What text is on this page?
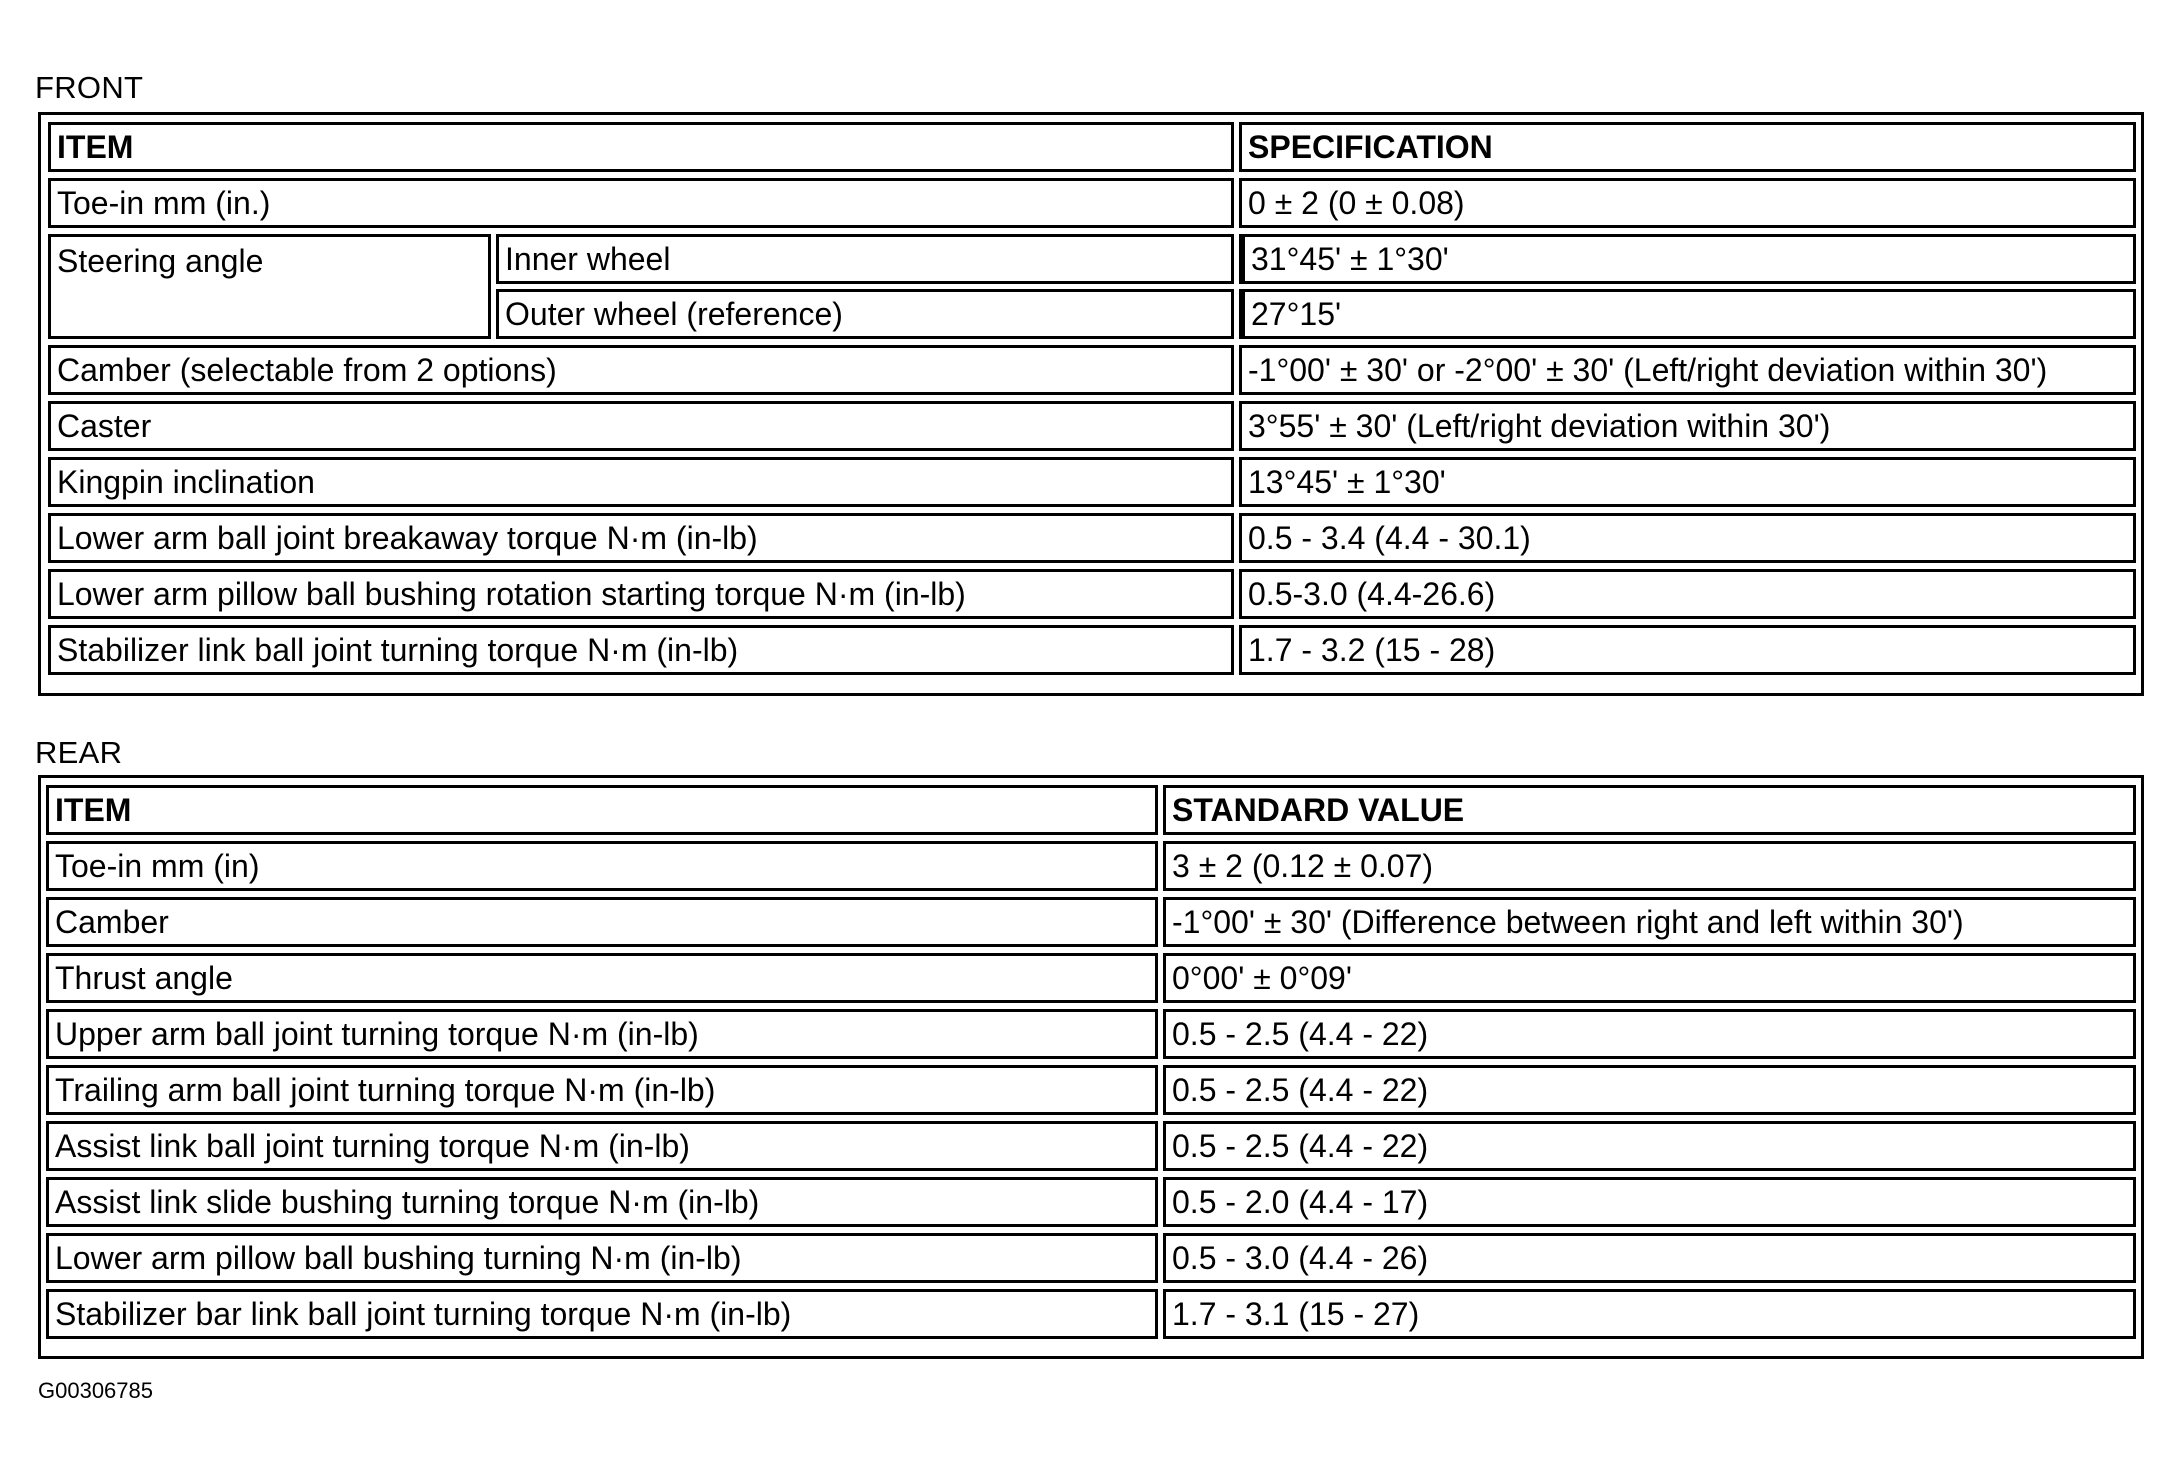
FRONT
ITEM	SPECIFICATION
Toe-in mm (in.)	0 ± 2 (0 ± 0.08)
Steering angle	Inner wheel	31°45' ± 1°30'
Outer wheel (reference)	27°15'
Camber (selectable from 2 options)	-1°00' ± 30' or -2°00' ± 30' (Left/right deviation within 30')
Caster	3°55' ± 30' (Left/right deviation within 30')
Kingpin inclination	13°45' ± 1°30'
Lower arm ball joint breakaway torque N·m (in-lb)	0.5 - 3.4 (4.4 - 30.1)
Lower arm pillow ball bushing rotation starting torque N·m (in-lb)	0.5-3.0 (4.4-26.6)
Stabilizer link ball joint turning torque N·m (in-lb)	1.7 - 3.2 (15 - 28)
REAR
ITEM	STANDARD VALUE
Toe-in mm (in)	3 ± 2 (0.12 ± 0.07)
Camber	-1°00' ± 30' (Difference between right and left within 30')
Thrust angle	0°00' ± 0°09'
Upper arm ball joint turning torque N·m (in-lb)	0.5 - 2.5 (4.4 - 22)
Trailing arm ball joint turning torque N·m (in-lb)	0.5 - 2.5 (4.4 - 22)
Assist link ball joint turning torque N·m (in-lb)	0.5 - 2.5 (4.4 - 22)
Assist link slide bushing turning torque N·m (in-lb)	0.5 - 2.0 (4.4 - 17)
Lower arm pillow ball bushing turning N·m (in-lb)	0.5 - 3.0 (4.4 - 26)
Stabilizer bar link ball joint turning torque N·m (in-lb)	1.7 - 3.1 (15 - 27)
G00306785
